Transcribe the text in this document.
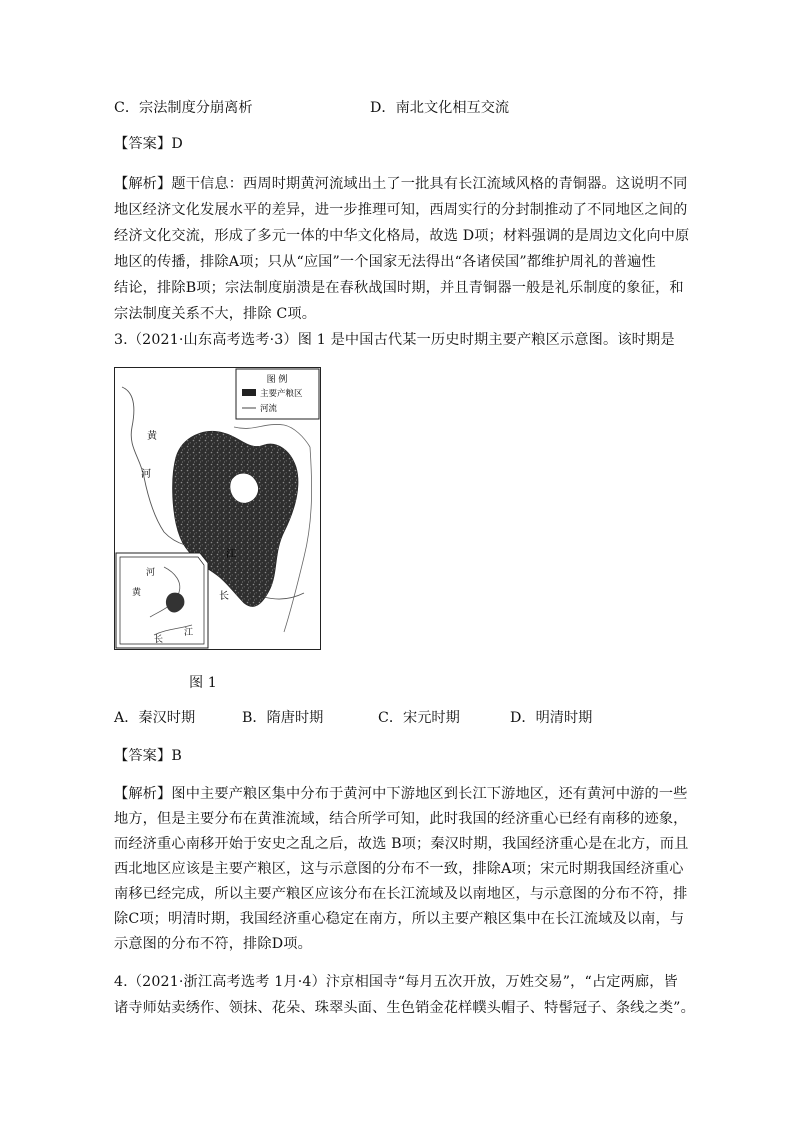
C．宗法制度分崩离析	D．南北文化相互交流
【答案】D
【解析】题干信息：西周时期黄河流域出土了一批具有长江流域风格的青铜器。这说明不同
地区经济文化发展水平的差异，进一步推理可知，西周实行的分封制推动了不同地区之间的
经济文化交流，形成了多元一体的中华文化格局，故选 D项；材料强调的是周边文化向中原
地区的传播，排除A项；只从“应国”一个国家无法得出“各诸侯国”都维护周礼的普遍性
结论，排除B项；宗法制度崩溃是在春秋战国时期，并且青铜器一般是礼乐制度的象征，和
宗法制度关系不大，排除 C项。
3.（2021·山东高考选考·3）图 1 是中国古代某一历史时期主要产粮区示意图。该时期是
图 例
主要产粮区
河流
黄
河
江
长
河
黄
长
江
图 1
A．秦汉时期	B．隋唐时期	C．宋元时期	D．明清时期
【答案】B
【解析】图中主要产粮区集中分布于黄河中下游地区到长江下游地区，还有黄河中游的一些
地方，但是主要分布在黄淮流域，结合所学可知，此时我国的经济重心已经有南移的迹象，
而经济重心南移开始于安史之乱之后，故选 B项；秦汉时期，我国经济重心是在北方，而且
西北地区应该是主要产粮区，这与示意图的分布不一致，排除A项；宋元时期我国经济重心
南移已经完成，所以主要产粮区应该分布在长江流域及以南地区，与示意图的分布不符，排
除C项；明清时期，我国经济重心稳定在南方，所以主要产粮区集中在长江流域及以南，与
示意图的分布不符，排除D项。
4.（2021·浙江高考选考 1月·4）汴京相国寺“每月五次开放，万姓交易”，“占定两廊，皆
诸寺师姑卖绣作、领抹、花朵、珠翠头面、生色销金花样幞头帽子、特髻冠子、条线之类”。
